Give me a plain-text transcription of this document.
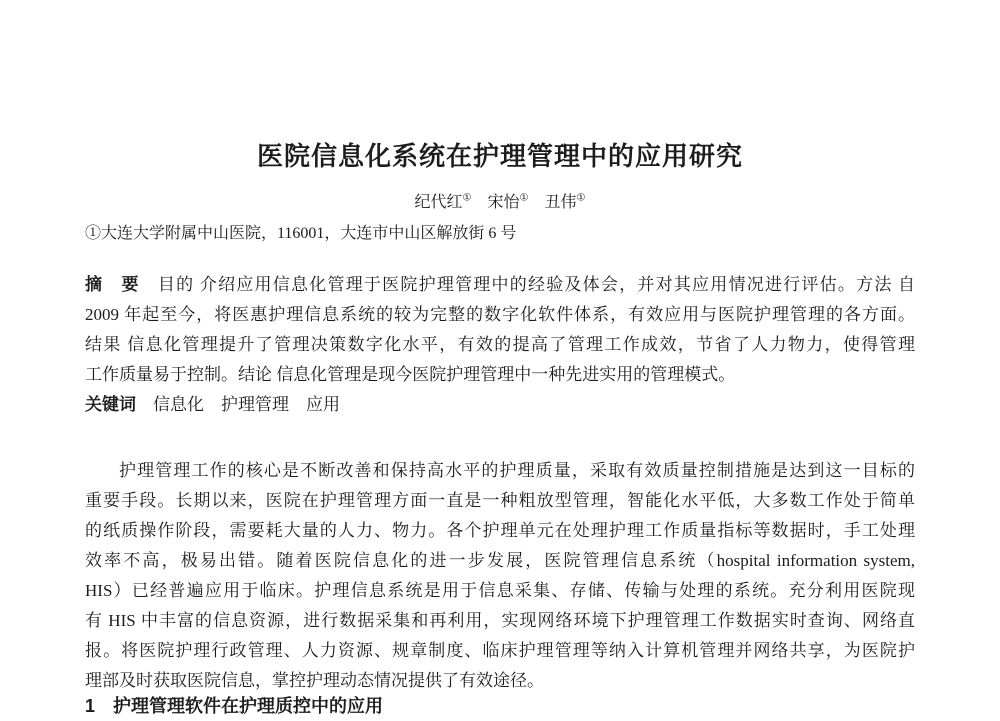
医院信息化系统在护理管理中的应用研究
纪代红① 宋怡① 丑伟①
①大连大学附属中山医院，116001，大连市中山区解放街 6 号
摘　要　 目的 介绍应用信息化管理于医院护理管理中的经验及体会，并对其应用情况进行评估。方法 自
2009 年起至今，将医惠护理信息系统的较为完整的数字化软件体系，有效应用与医院护理管理的各方面。
结果 信息化管理提升了管理决策数字化水平，有效的提高了管理工作成效，节省了人力物力，使得管理
工作质量易于控制。结论 信息化管理是现今医院护理管理中一种先进实用的管理模式。
关键词 信息化 护理管理 应用
护理管理工作的核心是不断改善和保持高水平的护理质量，采取有效质量控制措施是达到这一目标的
重要手段。长期以来，医院在护理管理方面一直是一种粗放型管理，智能化水平低，大多数工作处于简单
的纸质操作阶段，需要耗大量的人力、物力。各个护理单元在处理护理工作质量指标等数据时，手工处理
效率不高，极易出错。随着医院信息化的进一步发展，医院管理信息系统（hospital information system,
HIS）已经普遍应用于临床。护理信息系统是用于信息采集、存储、传输与处理的系统。充分利用医院现
有 HIS 中丰富的信息资源，进行数据采集和再利用，实现网络环境下护理管理工作数据实时查询、网络直
报。将医院护理行政管理、人力资源、规章制度、临床护理管理等纳入计算机管理并网络共享，为医院护
理部及时获取医院信息，掌控护理动态情况提供了有效途径。
1　护理管理软件在护理质控中的应用
